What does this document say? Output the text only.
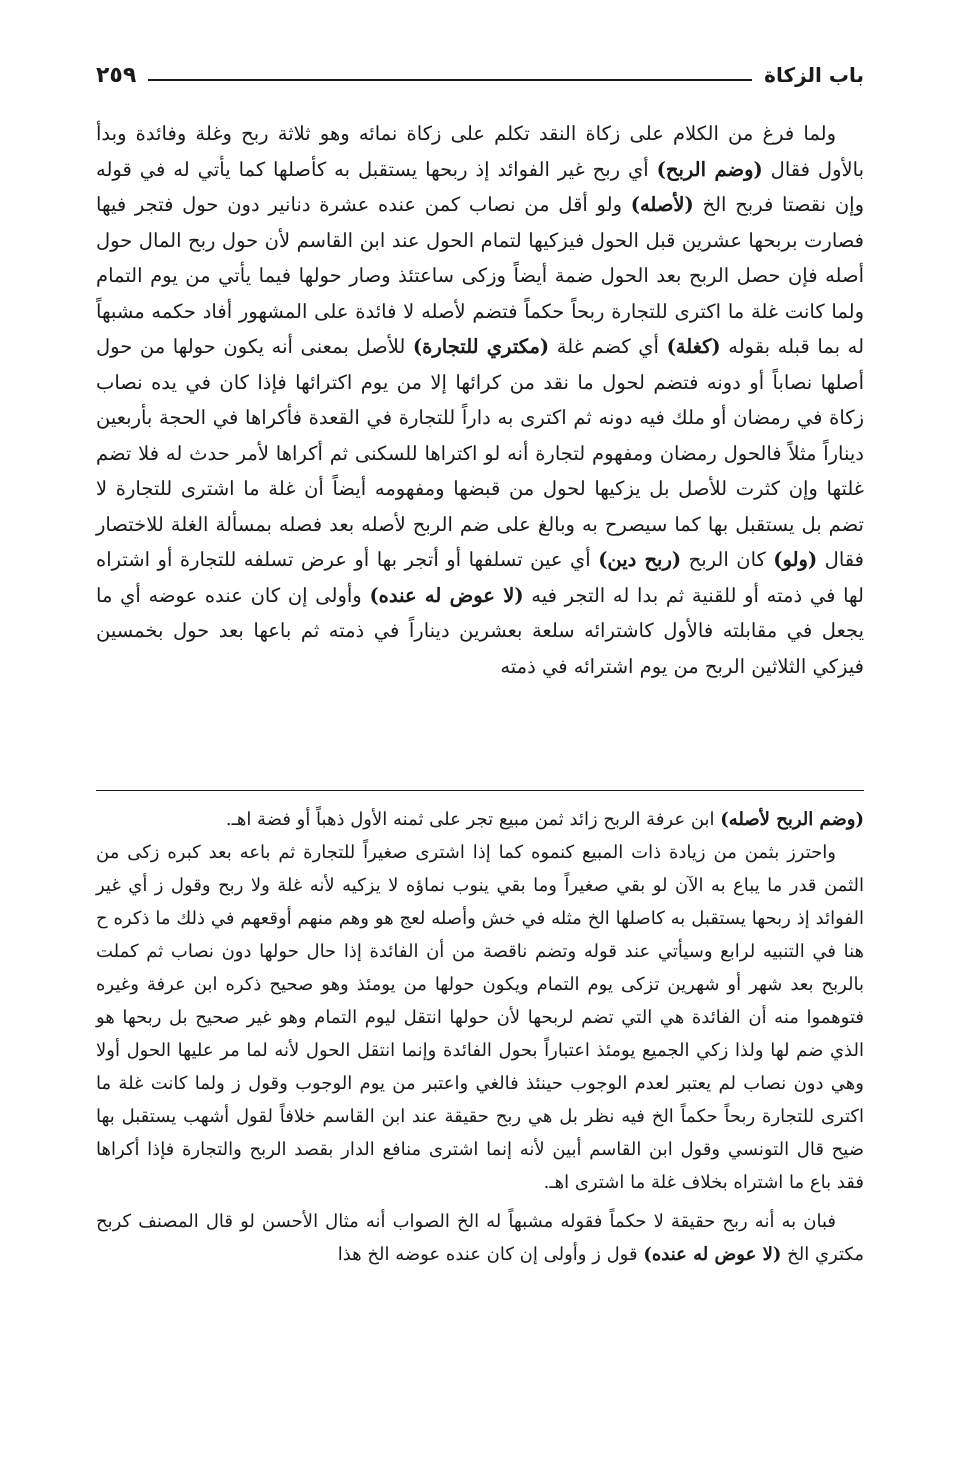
باب الزكاة
٢٥٩

ولما فرغ من الكلام على زكاة النقد تكلم على زكاة نمائه وهو ثلاثة ربح وغلة وفائدة وبدأ بالأول فقال (وضم الربح) أي ربح غير الفوائد إذ ربحها يستقبل به كأصلها كما يأتي له في قوله وإن نقصتا فربح الخ (لأصله) ولو أقل من نصاب كمن عنده عشرة دنانير دون حول فتجر فيها فصارت بربحها عشرين قبل الحول فيزكيها لتمام الحول عند ابن القاسم لأن حول ربح المال حول أصله فإن حصل الربح بعد الحول ضمة أيضاً وزكى ساعتئذ وصار حولها فيما يأتي من يوم التمام ولما كانت غلة ما اكترى للتجارة ربحاً حكماً فتضم لأصله لا فائدة على المشهور أفاد حكمه مشبهاً له بما قبله بقوله (كغلة) أي كضم غلة (مكتري للتجارة) للأصل بمعنى أنه يكون حولها من حول أصلها نصاباً أو دونه فتضم لحول ما نقد من كرائها إلا من يوم اكترائها فإذا كان في يده نصاب زكاة في رمضان أو ملك فيه دونه ثم اكترى به داراً للتجارة في القعدة فأكراها في الحجة بأربعين ديناراً مثلاً فالحول رمضان ومفهوم لتجارة أنه لو اكتراها للسكنى ثم أكراها لأمر حدث له فلا تضم غلتها وإن كثرت للأصل بل يزكيها لحول من قبضها ومفهومه أيضاً أن غلة ما اشترى للتجارة لا تضم بل يستقبل بها كما سيصرح به وبالغ على ضم الربح لأصله بعد فصله بمسألة الغلة للاختصار فقال (ولو) كان الربح (ربح دين) أي عين تسلفها أو أتجر بها أو عرض تسلفه للتجارة أو اشتراه لها في ذمته أو للقنية ثم بدا له التجر فيه (لا عوض له عنده) وأولى إن كان عنده عوضه أي ما يجعل في مقابلته فالأول كاشترائه سلعة بعشرين ديناراً في ذمته ثم باعها بعد حول بخمسين فيزكي الثلاثين الربح من يوم اشترائه في ذمته

(وضم الربح لأصله) ابن عرفة الربح زائد ثمن مبيع تجر على ثمنه الأول ذهباً أو فضة اهـ.

واحترز بثمن من زيادة ذات المبيع كنموه كما إذا اشترى صغيراً للتجارة ثم باعه بعد كبره زكى من الثمن قدر ما يباع به الآن لو بقي صغيراً وما بقي ينوب نماؤه لا يزكيه لأنه غلة ولا ربح وقول ز أي غير الفوائد إذ ربحها يستقبل به كاصلها الخ مثله في خش وأصله لعج هو وهم منهم أوقعهم في ذلك ما ذكره ح هنا في التنبيه لرابع وسيأتي عند قوله وتضم ناقصة من أن الفائدة إذا حال حولها دون نصاب ثم كملت بالربح بعد شهر أو شهرين تزكى يوم التمام ويكون حولها من يومئذ وهو صحيح ذكره ابن عرفة وغيره فتوهموا منه أن الفائدة هي التي تضم لربحها لأن حولها انتقل ليوم التمام وهو غير صحيح بل ربحها هو الذي ضم لها ولذا زكي الجميع يومئذ اعتباراً بحول الفائدة وإنما انتقل الحول لأنه لما مر عليها الحول أولا وهي دون نصاب لم يعتبر لعدم الوجوب حينئذ فالغي واعتبر من يوم الوجوب وقول ز ولما كانت غلة ما اكترى للتجارة ربحاً حكماً الخ فيه نظر بل هي ربح حقيقة عند ابن القاسم خلافاً لقول أشهب يستقبل بها ضيح قال التونسي وقول ابن القاسم أبين لأنه إنما اشترى منافع الدار بقصد الربح والتجارة فإذا أكراها فقد باع ما اشتراه بخلاف غلة ما اشترى اهـ.

فبان به أنه ربح حقيقة لا حكماً فقوله مشبهاً له الخ الصواب أنه مثال الأحسن لو قال المصنف كربح مكتري الخ (لا عوض له عنده) قول ز وأولى إن كان عنده عوضه الخ هذا
